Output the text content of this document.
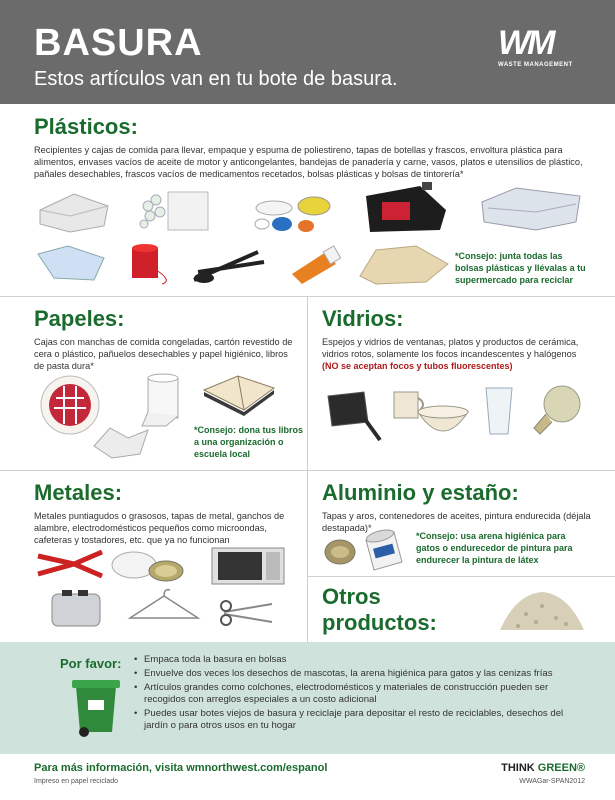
BASURA
Estos artículos van en tu bote de basura.
WM
WASTE MANAGEMENT
Plásticos:
Recipientes y cajas de comida para llevar, empaque y espuma de poliestireno, tapas de botellas y frascos, envoltura plástica para alimentos, envases vacíos de aceite de motor y anticongelantes, bandejas de panadería y carne, vasos, platos e utensilios de plástico, pañales desechables, frascos vacíos de medicamentos recetados, bolsas plásticas y bolsas de tintorería*
*Consejo: junta todas las bolsas plásticas y llévalas a tu supermercado para reciclar
Papeles:
Cajas con manchas de comida congeladas, cartón revestido de cera o plástico, pañuelos desechables y papel higiénico, libros de pasta dura*
*Consejo: dona tus libros a una organización o escuela local
Vidrios:
Espejos y vidrios de ventanas, platos y productos de cerámica, vidrios rotos, solamente los focos incandescentes y halógenos
(NO se aceptan focos y tubos fluorescentes)
Metales:
Metales puntiagudos o grasosos, tapas de metal, ganchos de alambre, electrodomésticos pequeños como microondas, cafeteras y tostadores, etc. que ya no funcionan
Aluminio y estaño:
Tapas y aros, contenedores de aceites, pintura endurecida (déjala destapada)*
*Consejo: usa arena higiénica para gatos o endurecedor de pintura para endurecer la pintura de látex
Otros productos:
Por favor:
•	Empaca toda la basura en bolsas
• Envuelve dos veces los desechos de mascotas, la arena higiénica para gatos y las cenizas frías
• Artículos grandes como colchones, electrodomésticos y materiales de construcción pueden ser recogidos con arreglos especiales a un costo adicional
• Puedes usar botes viejos de basura y reciclaje para depositar el resto de reciclables, desechos del jardín o para otros usos en tu hogar
Para más información, visita wmnorthwest.com/espanol
Impreso en papel reciclado
THINK GREEN®
WWAGar-SPAN2012
